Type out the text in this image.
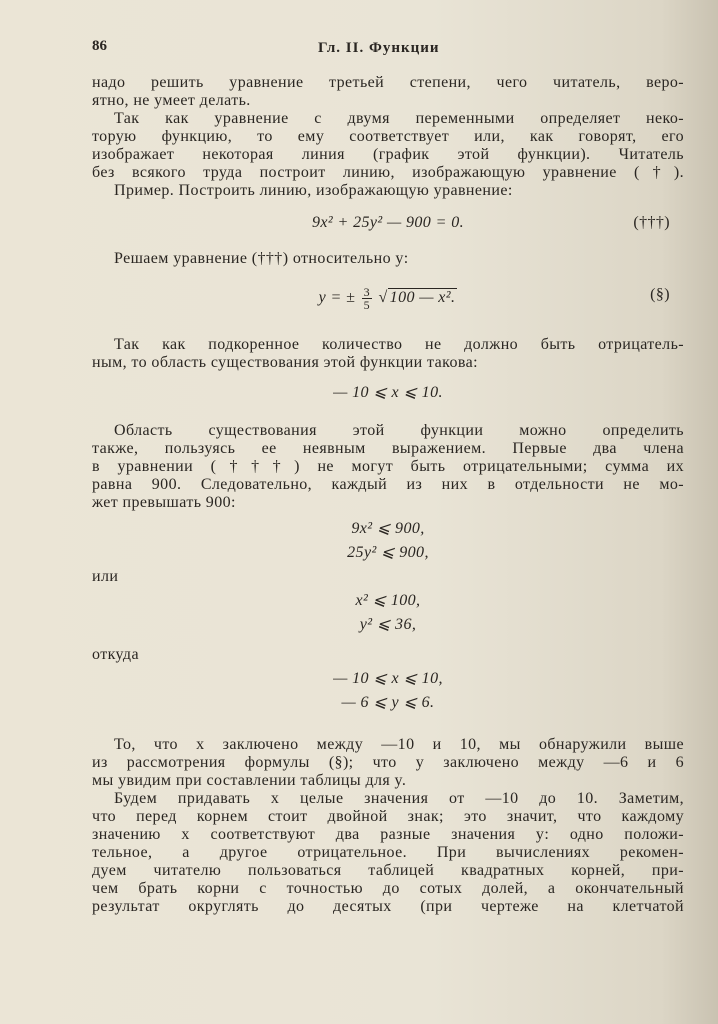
86	Гл. II. Функции
надо решить уравнение третьей степени, чего читатель, веро-
ятно, не умеет делать.
Так как уравнение с двумя переменными определяет неко-
торую функцию, то ему соответствует или, как говорят, его
изображает некоторая линия (график этой функции). Читатель
без всякого труда построит линию, изображающую уравнение (†).
Пример. Построить линию, изображающую уравнение:
9x² + 25y² — 900 = 0.	(†††)
Решаем уравнение (†††) относительно y:
y = ± $\frac{3}{5}$ √ 100 — x².	(§)
Так как подкоренное количество не должно быть отрицатель-
ным, то область существования этой функции такова:
— 10 ⩽ x ⩽ 10.
Область существования этой функции можно определить
также, пользуясь ее неявным выражением. Первые два члена
в уравнении (†††) не могут быть отрицательными; сумма их
равна 900. Следовательно, каждый из них в отдельности не мо-
жет превышать 900:
9x² ⩽ 900,
25y² ⩽ 900,
или
x² ⩽ 100,
y² ⩽ 36,
откуда
— 10 ⩽ x ⩽ 10,
— 6 ⩽ y ⩽ 6.
То, что x заключено между —10 и 10, мы обнаружили выше
из рассмотрения формулы (§); что y заключено между —6 и 6
мы увидим при составлении таблицы для y.
Будем придавать x целые значения от —10 до 10. Заметим,
что перед корнем стоит двойной знак; это значит, что каждому
значению x соответствуют два разные значения y: одно положи-
тельное, а другое отрицательное. При вычислениях рекомен-
дуем читателю пользоваться таблицей квадратных корней, при-
чем брать корни с точностью до сотых долей, а окончательный
результат округлять до десятых (при чертеже на клетчатой
